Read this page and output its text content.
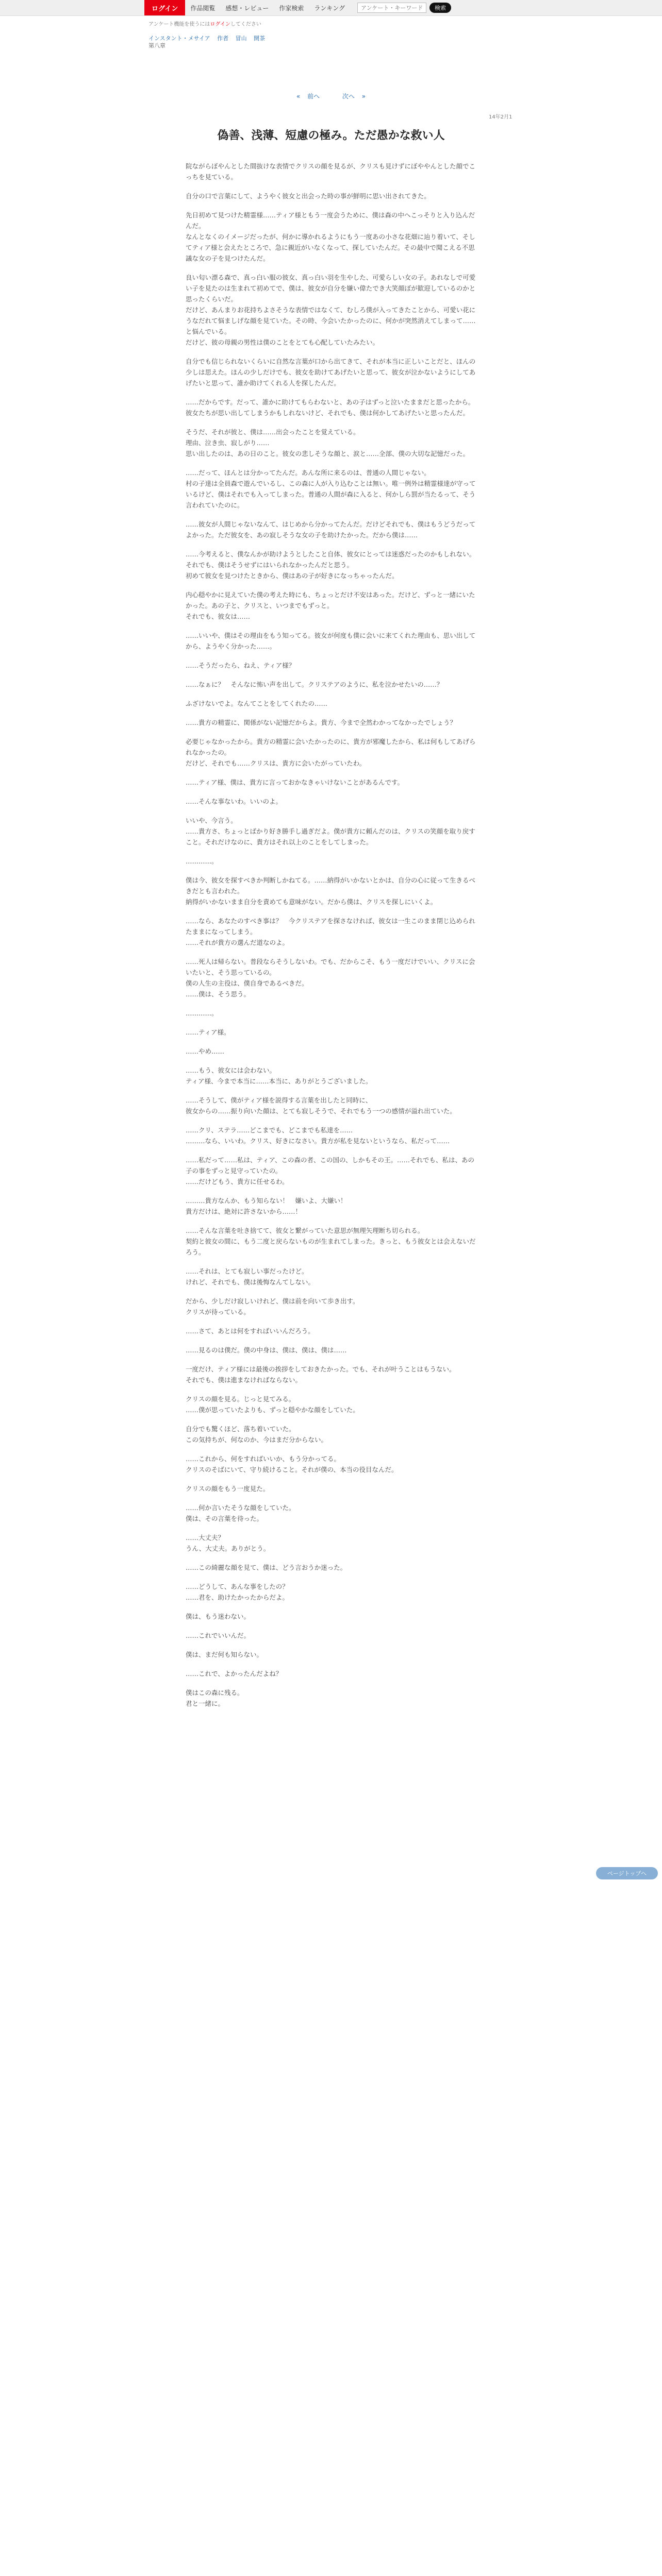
ログイン	作品閲覧	感想・レビュー	作家検索	ランキング
アンケート・キーワード	検索
アンケート機能を使うにはログインしてください
インスタント・メサイア 作者 冒山 開茶
第八章
« 前へ	次へ »
14年2月1
偽善、浅薄、短慮の極み。ただ愚かな救い人

院ながらぼやんとした間抜けな表情でクリスの顔を見るが、クリスも見けずにぼややんとした顔でこっちを見ている。

自分の口で言葉にして、ようやく彼女と出会った時の事が鮮明に思い出されてきた。

先日初めて見つけた精霊様……ティア様ともう一度会うために、僕は森の中へこっそりと入り込んだんだ。

なんとなくのイメージだったが、何かに導かれるようにもう一度あの小さな花畑に辿り着いて、そしてティア様と会えたところで、急に親近がいなくなって、探していたんだ。その最中で聞こえる不思議な女の子を見つけたんだ。

良い匂い漂る森で、真っ白い服の彼女、真っ白い羽を生やした、可愛らしい女の子。あれなしで可愛い子を見たのは生まれて初めてで、僕は、彼女が自分を嫌い偉たでき大笑顔ぼが歓迎しているのかと思ったくらいだ。

だけど、あんまりお花持ちよさそうな表情ではなくて、むしろ僕が入ってきたことから、可愛い花にうなだれて悩ましげな顔を見ていた。その時、今会いたかったのに、何かが突然消えてしまって……と悩んでいる。

だけど、彼の母親の男性は僕のことをとても心配していたみたい。

自分でも信じられないくらいに自然な言葉が口から出てきて、それが本当に正しいことだと、ほんの少しは思えた。ほんの少しだけでも、彼女を助けてあげたいと思って、彼女が泣かないようにしてあげたいと思って、誰か助けてくれる人を探したんだ。

……だからです。だって、誰かに助けてもらわないと、あの子はずっと泣いたままだと思ったから。

彼女たちが思い出してしまうかもしれないけど、それでも、僕は何かしてあげたいと思ったんだ。

そうだ、それが彼と、僕は……出会ったことを覚えている。

理由、泣き虫、寂しがり……

思い出したのは、あの日のこと。彼女の悲しそうな顔と、涙と……全部、僕の大切な記憶だった。

……だって、ほんとは分かってたんだ。あんな所に来るのは、普通の人間じゃない。

村の子達は全員森で遊んでいるし、この森に人が入り込むことは無い。唯一例外は精霊様達が守っているけど、僕はそれでも入ってしまった。普通の人間が森に入ると、何かしら罰が当たるって、そう言われていたのに。

……彼女が人間じゃないなんて、はじめから分かってたんだ。だけどそれでも、僕はもうどうだってよかった。ただ彼女を、あの寂しそうな女の子を助けたかった。だから僕は……

……今考えると、僕なんかが助けようとしたこと自体、彼女にとっては迷惑だったのかもしれない。それでも、僕はそうせずにはいられなかったんだと思う。

初めて彼女を見つけたときから、僕はあの子が好きになっちゃったんだ。

内心穏やかに見えていた僕の考えた時にも、ちょっとだけ不安はあった。だけど、ずっと一緒にいたかった。あの子と、クリスと、いつまでもずっと。

それでも、彼女は……

……いいや、僕はその理由をもう知ってる。彼女が何度も僕に会いに来てくれた理由も、思い出してから、ようやく分かった……。

……そうだったら、ねえ、ティア様？

……なぁに？　そんなに怖い声を出して。クリステアのように、私を泣かせたいの……？

ふざけないでよ。なんてことをしてくれたの……

……貴方の精霊に、関係がない記憶だからよ。貴方、今まで全然わかってなかったでしょう？

必要じゃなかったから。貴方の精霊に会いたかったのに、貴方が邪魔したから、私は何もしてあげられなかったの。

だけど、それでも……クリスは、貴方に会いたがっていたわ。

……ティア様、僕は、貴方に言っておかなきゃいけないことがあるんです。

……そんな事ないわ。いいのよ。

いいや、今言う。

……貴方さ、ちょっとばかり好き勝手し過ぎだよ。僕が貴方に頼んだのは、クリスの笑顔を取り戻すこと。それだけなのに、貴方はそれ以上のことをしてしまった。

…………。

僕は今、彼女を探すべきか判断しかねてる。……納得がいかないとかは、自分の心に従って生きるべきだとも言われた。

納得がいかないまま自分を責めても意味がない。だから僕は、クリスを探しにいくよ。

……なら、あなたのすべき事は？　今クリステアを探さなければ、彼女は一生このまま閉じ込められたままになってしまう。

……それが貴方の選んだ道なのよ。

……死人は帰らない。普段ならそうしないわ。でも、だからこそ、もう一度だけでいい、クリスに会いたいと、そう思っているの。

僕の人生の主役は、僕自身であるべきだ。

……僕は、そう思う。

…………。

……ティア様。

……やめ……

……もう、彼女には会わない。

ティア様、今まで本当に……本当に、ありがとうございました。

……そうして、僕がティア様を説得する言葉を出したと同時に、

彼女からの……振り向いた顔は、とても寂しそうで、それでもう一つの感情が溢れ出ていた。

……クリ、ステラ……どこまでも、どこまでも私達を……

………なら、いいわ。クリス、好きになさい。貴方が私を見ないというなら、私だって……

……私だって……私は、ティア、この森の者、この国の、しかもその王。……それでも、私は、あの子の事をずっと見守っていたの。

……だけどもう、貴方に任せるわ。

………貴方なんか、もう知らない！　嫌いよ、大嫌い！

貴方だけは、絶対に許さないから……！

……そんな言葉を吐き捨てて、彼女と繋がっていた意思が無理矢理断ち切られる。

契約と彼女の間に、もう二度と戻らないものが生まれてしまった。きっと、もう彼女とは会えないだろう。

……それは、とても寂しい事だったけど。

けれど、それでも、僕は後悔なんてしない。

だから、少しだけ寂しいけれど、僕は前を向いて歩き出す。

クリスが待っている。

……さて、あとは何をすればいいんだろう。

……見るのは僕だ。僕の中身は、僕は、僕は、僕は……

一度だけ、ティア様には最後の挨拶をしておきたかった。でも、それが叶うことはもうない。

それでも、僕は進まなければならない。

クリスの顔を見る。じっと見てみる。

……僕が思っていたよりも、ずっと穏やかな顔をしていた。

自分でも驚くほど、落ち着いていた。

この気持ちが、何なのか、今はまだ分からない。

……これから、何をすればいいか、もう分かってる。

クリスのそばにいて、守り続けること。それが僕の、本当の役目なんだ。

クリスの顔をもう一度見た。

……何か言いたそうな顔をしていた。

僕は、その言葉を待った。

……大丈夫？

うん、大丈夫。ありがとう。

……この綺麗な顔を見て、僕は、どう言おうか迷った。

……どうして、あんな事をしたの？

……君を、助けたかったからだよ。

僕は、もう迷わない。

……これでいいんだ。

僕は、まだ何も知らない。

……これで、よかったんだよね？

僕はこの森に残る。

君と一緒に。

ページトップへ
